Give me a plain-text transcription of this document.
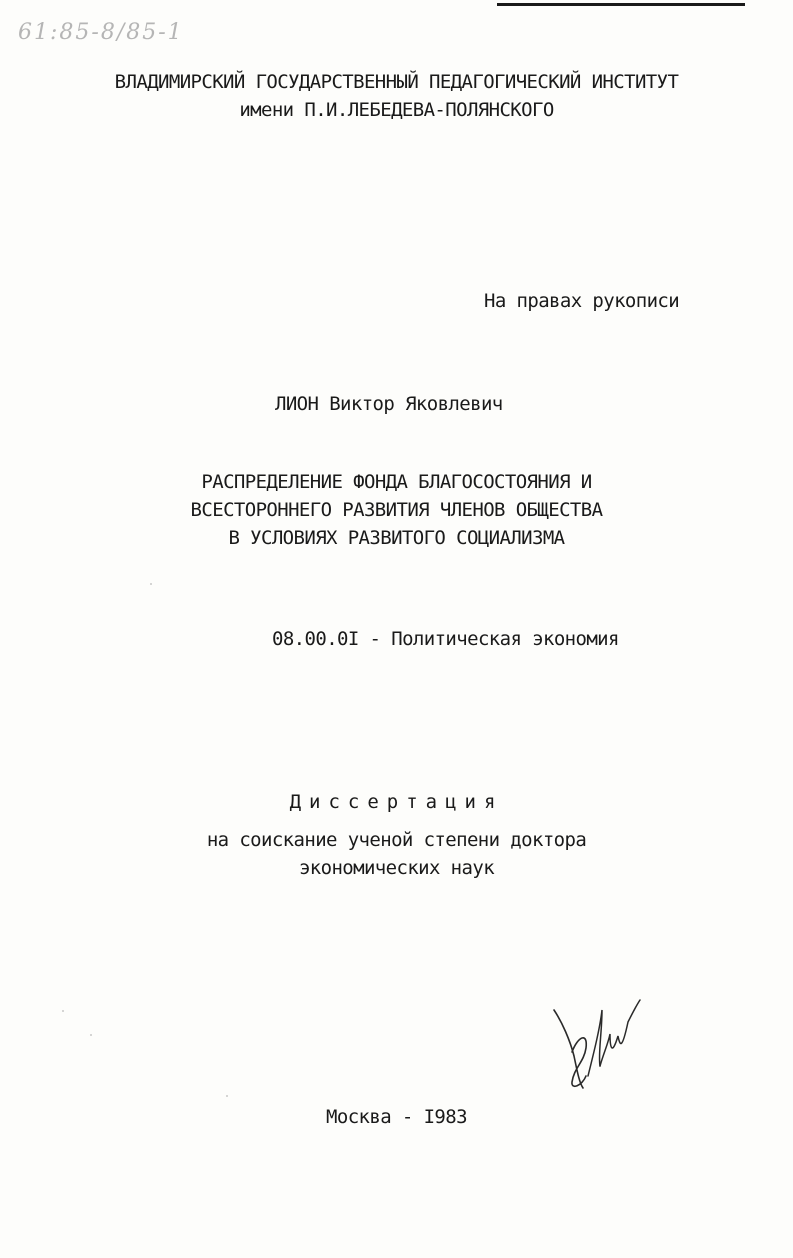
61:85-8/85-1
ВЛАДИМИРСКИЙ ГОСУДАРСТВЕННЫЙ ПЕДАГОГИЧЕСКИЙ ИНСТИТУТ
имени П.И.ЛЕБЕДЕВА-ПОЛЯНСКОГО
На правах рукописи
ЛИОН Виктор Яковлевич
РАСПРЕДЕЛЕНИЕ ФОНДА БЛАГОСОСТОЯНИЯ И
ВСЕСТОРОННЕГО РАЗВИТИЯ ЧЛЕНОВ ОБЩЕСТВА
В УСЛОВИЯХ РАЗВИТОГО СОЦИАЛИЗМА
08.00.0I - Политическая экономия
Диссертация
на соискание ученой степени доктора
экономических наук
Москва - I983
